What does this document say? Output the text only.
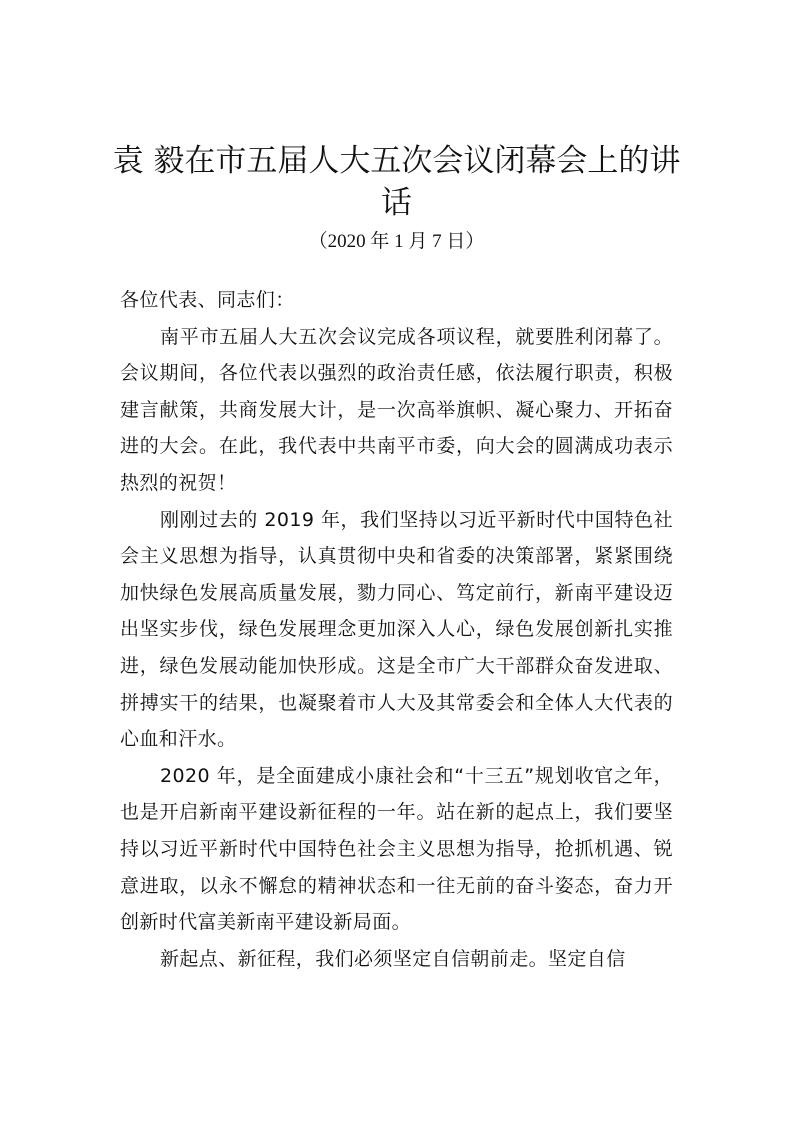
袁 毅在市五届人大五次会议闭幕会上的讲
话
（2020 年 1 月 7 日）

各位代表、同志们：

南平市五届人大五次会议完成各项议程，就要胜利闭幕了。会议期间，各位代表以强烈的政治责任感，依法履行职责，积极建言献策，共商发展大计，是一次高举旗帜、凝心聚力、开拓奋进的大会。在此，我代表中共南平市委，向大会的圆满成功表示热烈的祝贺！

刚刚过去的 2019 年，我们坚持以习近平新时代中国特色社会主义思想为指导，认真贯彻中央和省委的决策部署，紧紧围绕加快绿色发展高质量发展，勠力同心、笃定前行，新南平建设迈出坚实步伐，绿色发展理念更加深入人心，绿色发展创新扎实推进，绿色发展动能加快形成。这是全市广大干部群众奋发进取、拼搏实干的结果，也凝聚着市人大及其常委会和全体人大代表的心血和汗水。

2020 年，是全面建成小康社会和“十三五”规划收官之年，也是开启新南平建设新征程的一年。站在新的起点上，我们要坚持以习近平新时代中国特色社会主义思想为指导，抢抓机遇、锐意进取，以永不懈怠的精神状态和一往无前的奋斗姿态，奋力开创新时代富美新南平建设新局面。

新起点、新征程，我们必须坚定自信朝前走。坚定自信
